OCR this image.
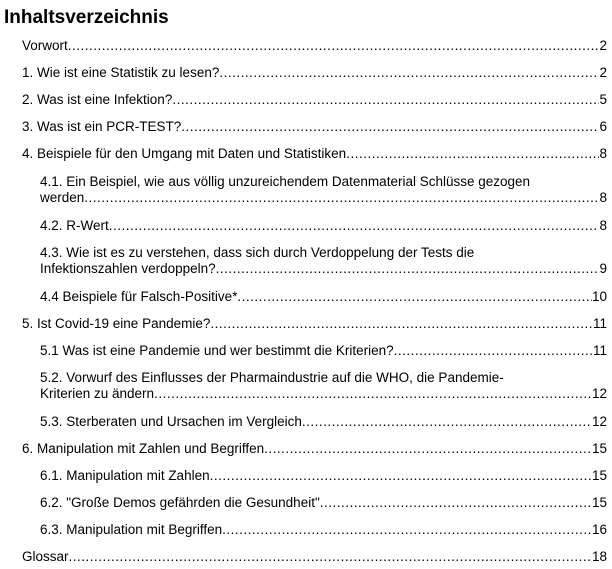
Inhaltsverzeichnis
Vorwort .....	2
1. Wie ist eine Statistik zu lesen? .....	2
2. Was ist eine Infektion? .....	5
3. Was ist ein PCR-TEST? .....	6
4. Beispiele für den Umgang mit Daten und Statistiken .....	8
4.1. Ein Beispiel, wie aus völlig unzureichendem Datenmaterial Schlüsse gezogen
werden .....	8
4.2. R-Wert .....	8
4.3. Wie ist es zu verstehen, dass sich durch Verdoppelung der Tests die
Infektionszahlen verdoppeln? .....	9
4.4 Beispiele für Falsch-Positive* .....	10
5. Ist Covid-19 eine Pandemie? .....	11
5.1 Was ist eine Pandemie und wer bestimmt die Kriterien? .....	11
5.2. Vorwurf des Einflusses der Pharmaindustrie auf die WHO, die Pandemie-
Kriterien zu ändern .....	12
5.3. Sterberaten und Ursachen im Vergleich .....	12
6. Manipulation mit Zahlen und Begriffen .....	15
6.1. Manipulation mit Zahlen .....	15
6.2. "Große Demos gefährden die Gesundheit" .....	15
6.3. Manipulation mit Begriffen .....	16
Glossar .....	18
